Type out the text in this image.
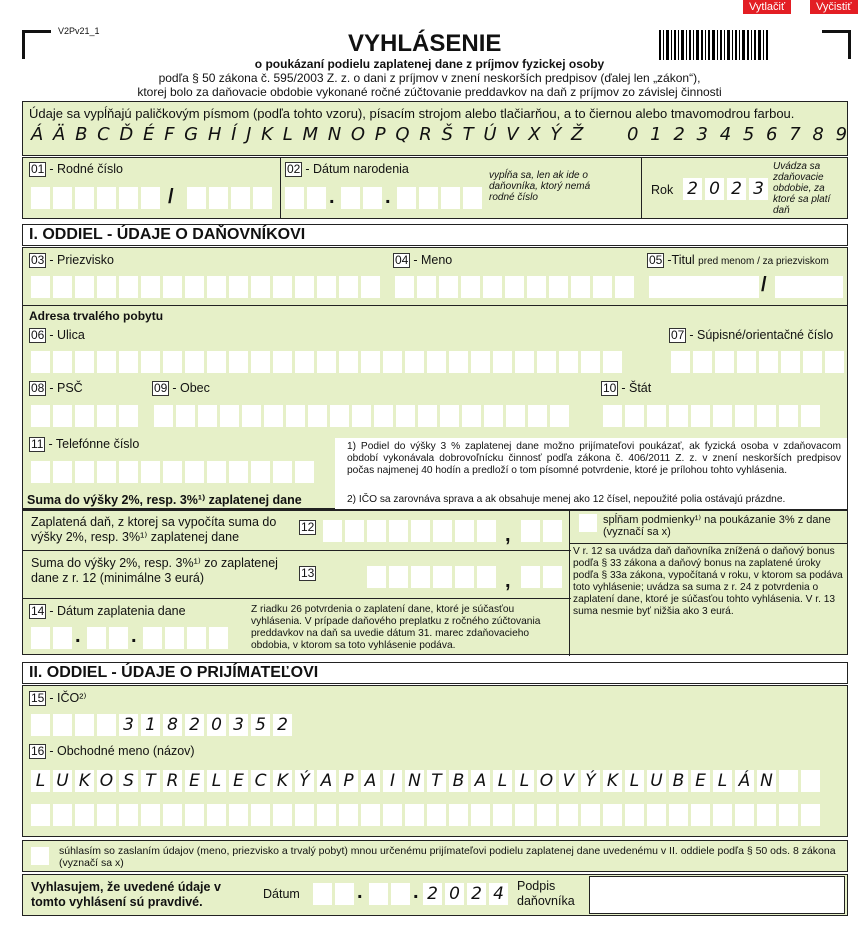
Vytlačiť	Vyčistiť
V2Pv21_1	VYHLÁSENIE
o poukázaní podielu zaplatenej dane z príjmov fyzickej osoby
podľa § 50 zákona č. 595/2003 Z. z. o dani z príjmov v znení neskorších predpisov (ďalej len „zákon“),
ktorej bolo za daňovacie obdobie vykonané ročné zúčtovanie preddavkov na daň z príjmov zo závislej činnosti
Údaje sa vypĺňajú paličkovým písmom (podľa tohto vzoru), písacím strojom alebo tlačiarňou, a to čiernou alebo tmavomodrou farbou.
Á Ä B C Ď É F G H Í J K L M N O P Q R Š T Ú V X Ý Ž 0 1 2 3 4 5 6 7 8 9
01 - Rodné číslo
/
02 - Dátum narodenia
.	.
vypĺňa sa, len ak ide o daňovníka, ktorý nemá rodné číslo
Rok 2 0 2 3
Uvádza sa zdaňovacie obdobie, za ktoré sa platí daň
I. ODDIEL - ÚDAJE O DAŇOVNÍKOVI
03 - Priezvisko	04 - Meno	05 -Titul pred menom / za priezviskom
/
Adresa trvalého pobytu
06 - Ulica	07 - Súpisné/orientačné číslo
08 - PSČ	09 - Obec	10 - Štát
11 - Telefónne číslo
Suma do výšky 2%, resp. 3%¹⁾ zaplatenej dane
1) Podiel do výšky 3 % zaplatenej dane možno prijímateľovi poukázať, ak fyzická osoba v zdaňovacom období vykonávala dobrovoľnícku činnosť podľa zákona č. 406/2011 Z. z. v znení neskorších predpisov počas najmenej 40 hodín a predloží o tom písomné potvrdenie, ktoré je prílohou tohto vyhlásenia.
2) IČO sa zarovnáva sprava a ak obsahuje menej ako 12 čísel, nepoužité polia ostávajú prázdne.
Zaplatená daň, z ktorej sa vypočíta suma do výšky 2%, resp. 3%¹⁾ zaplatenej dane
12	,
spĺňam podmienky¹⁾ na poukázanie 3% z dane (vyznačí sa x)
V r. 12 sa uvádza daň daňovníka znížená o daňový bonus podľa § 33 zákona a daňový bonus na zaplatené úroky podľa § 33a zákona, vypočítaná v roku, v ktorom sa podáva toto vyhlásenie; uvádza sa suma z r. 24 z potvrdenia o zaplatení dane, ktoré je súčasťou tohto vyhlásenia. V r. 13 suma nesmie byť nižšia ako 3 eurá.
Suma do výšky 2%, resp. 3%¹⁾ zo zaplatenej dane z r. 12 (minimálne 3 eurá)	13	,
14 - Dátum zaplatenia dane
.	.
Z riadku 26 potvrdenia o zaplatení dane, ktoré je súčasťou vyhlásenia. V prípade daňového preplatku z ročného zúčtovania preddavkov na daň sa uvedie dátum 31. marec zdaňovacieho obdobia, v ktorom sa toto vyhlásenie podáva.
II. ODDIEL - ÚDAJE O PRIJÍMATEĽOVI
15 - IČO²⁾
3 1 8 2 0 3 5 2
16 - Obchodné meno (názov)
L U K O S T R E L E C K Ý A P A I N T B A L L O V Ý K L U B E L Á N
súhlasím so zaslaním údajov (meno, priezvisko a trvalý pobyt) mnou určenému prijímateľovi podielu zaplatenej dane uvedenému v II. oddiele podľa § 50 ods. 8 zákona (vyznačí sa x)
Vyhlasujem, že uvedené údaje v tomto vyhlásení sú pravdivé.
Dátum	.	. 2 0 2 4	Podpis daňovníka
